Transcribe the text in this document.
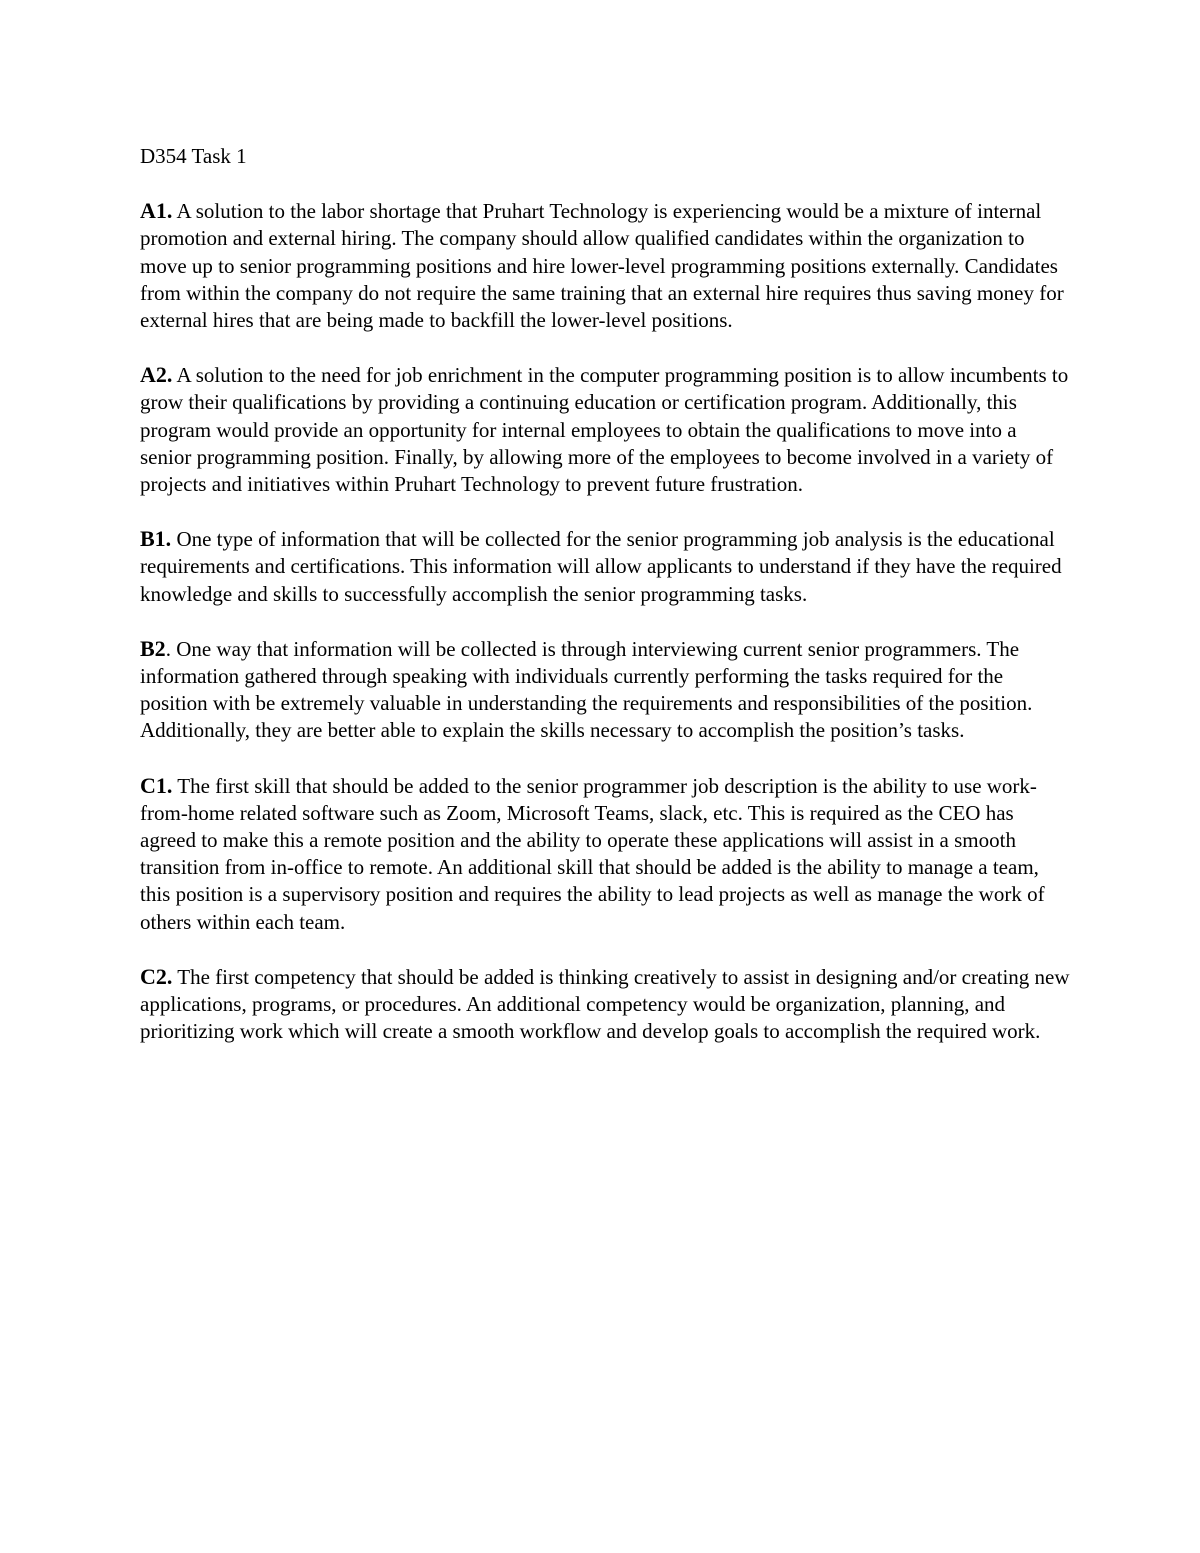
D354 Task 1
A1. A solution to the labor shortage that Pruhart Technology is experiencing would be a mixture of internal promotion and external hiring. The company should allow qualified candidates within the organization to move up to senior programming positions and hire lower-level programming positions externally. Candidates from within the company do not require the same training that an external hire requires thus saving money for external hires that are being made to backfill the lower-level positions.
A2. A solution to the need for job enrichment in the computer programming position is to allow incumbents to grow their qualifications by providing a continuing education or certification program. Additionally, this program would provide an opportunity for internal employees to obtain the qualifications to move into a senior programming position. Finally, by allowing more of the employees to become involved in a variety of projects and initiatives within Pruhart Technology to prevent future frustration.
B1. One type of information that will be collected for the senior programming job analysis is the educational requirements and certifications. This information will allow applicants to understand if they have the required knowledge and skills to successfully accomplish the senior programming tasks.
B2. One way that information will be collected is through interviewing current senior programmers. The information gathered through speaking with individuals currently performing the tasks required for the position with be extremely valuable in understanding the requirements and responsibilities of the position. Additionally, they are better able to explain the skills necessary to accomplish the position’s tasks.
C1. The first skill that should be added to the senior programmer job description is the ability to use work-from-home related software such as Zoom, Microsoft Teams, slack, etc. This is required as the CEO has agreed to make this a remote position and the ability to operate these applications will assist in a smooth transition from in-office to remote. An additional skill that should be added is the ability to manage a team, this position is a supervisory position and requires the ability to lead projects as well as manage the work of others within each team.
C2. The first competency that should be added is thinking creatively to assist in designing and/or creating new applications, programs, or procedures. An additional competency would be organization, planning, and prioritizing work which will create a smooth workflow and develop goals to accomplish the required work.
